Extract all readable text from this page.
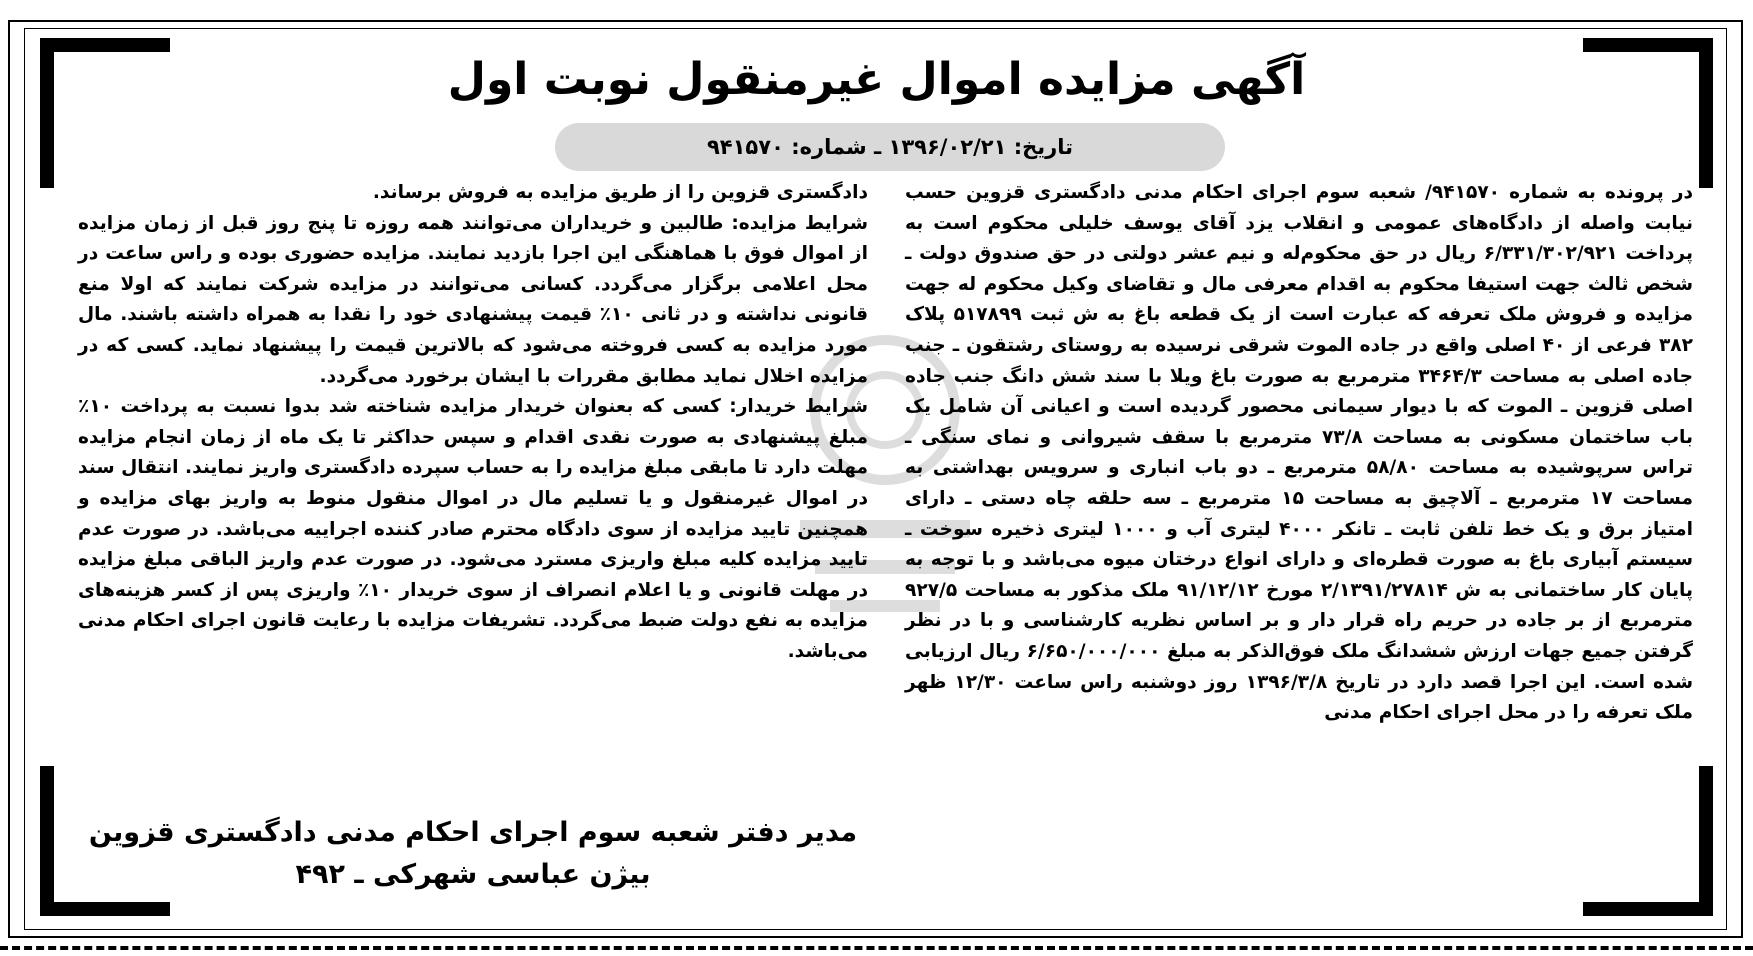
آگهی مزایده اموال غیرمنقول نوبت اول
تاریخ: ۱۳۹۶/۰۲/۲۱ ـ شماره: ۹۴۱۵۷۰

در پرونده به شماره ۹۴۱۵۷۰/ شعبه سوم اجرای احکام مدنی دادگستری قزوین حسب نیابت واصله از دادگاه‌های عمومی و انقلاب یزد آقای یوسف خلیلی محکوم است به پرداخت ۶/۳۳۱/۳۰۲/۹۲۱ ریال در حق محکوم‌له و نیم عشر دولتی در حق صندوق دولت ـ شخص ثالث جهت استیفا محکوم به اقدام معرفی مال و تقاضای وکیل محکوم له جهت مزایده و فروش ملک تعرفه که عبارت است از یک قطعه باغ به ش ثبت ۵۱۷۸۹۹ پلاک ۳۸۲ فرعی از ۴۰ اصلی واقع در جاده الموت شرقی نرسیده به روستای رشتقون ـ جنب جاده اصلی به مساحت ۳۴۶۴/۳ مترمربع به صورت باغ ویلا با سند شش دانگ جنب جاده اصلی قزوین ـ الموت که با دیوار سیمانی محصور گردیده است و اعیانی آن شامل یک باب ساختمان مسکونی به مساحت ۷۳/۸ مترمربع با سقف شیروانی و نمای سنگی ـ تراس سرپوشیده به مساحت ۵۸/۸۰ مترمربع ـ دو باب انباری و سرویس بهداشتی به مساحت ۱۷ مترمربع ـ آلاچیق به مساحت ۱۵ مترمربع ـ سه حلقه چاه دستی ـ دارای امتیاز برق و یک خط تلفن ثابت ـ تانکر ۴۰۰۰ لیتری آب و ۱۰۰۰ لیتری ذخیره سوخت ـ سیستم آبیاری باغ به صورت قطره‌ای و دارای انواع درختان میوه می‌باشد و با توجه به پایان کار ساختمانی به ش ۲/۱۳۹۱/۲۷۸۱۴ مورخ ۹۱/۱۲/۱۲ ملک مذکور به مساحت ۹۲۷/۵ مترمربع از بر جاده در حریم راه قرار دار و بر اساس نظریه کارشناسی و با در نظر گرفتن جمیع جهات ارزش ششدانگ ملک فوق‌الذکر به مبلغ ۶/۶۵۰/۰۰۰/۰۰۰ ریال ارزیابی شده است. این اجرا قصد دارد در تاریخ ۱۳۹۶/۳/۸ روز دوشنبه راس ساعت ۱۲/۳۰ ظهر ملک تعرفه را در محل اجرای احکام مدنی

دادگستری قزوین را از طریق مزایده به فروش برساند.

شرایط مزایده: طالبین و خریداران می‌توانند همه روزه تا پنج روز قبل از زمان مزایده از اموال فوق با هماهنگی این اجرا بازدید نمایند. مزایده حضوری بوده و راس ساعت در محل اعلامی برگزار می‌گردد. کسانی می‌توانند در مزایده شرکت نمایند که اولا منع قانونی نداشته و در ثانی ۱۰٪ قیمت پیشنهادی خود را نقدا به همراه داشته باشند. مال مورد مزایده به کسی فروخته می‌شود که بالاترین قیمت را پیشنهاد نماید. کسی که در مزایده اخلال نماید مطابق مقررات با ایشان برخورد می‌گردد.

شرایط خریدار: کسی که بعنوان خریدار مزایده شناخته شد بدوا نسبت به پرداخت ۱۰٪ مبلغ پیشنهادی به صورت نقدی اقدام و سپس حداکثر تا یک ماه از زمان انجام مزایده مهلت دارد تا مابقی مبلغ مزایده را به حساب سپرده دادگستری واریز نمایند. انتقال سند در اموال غیرمنقول و یا تسلیم مال در اموال منقول منوط به واریز بهای مزایده و همچنین تایید مزایده از سوی دادگاه محترم صادر کننده اجراییه می‌باشد. در صورت عدم تایید مزایده کلیه مبلغ واریزی مسترد می‌شود. در صورت عدم واریز الباقی مبلغ مزایده در مهلت قانونی و یا اعلام انصراف از سوی خریدار ۱۰٪ واریزی پس از کسر هزینه‌های مزایده به نفع دولت ضبط می‌گردد. تشریفات مزایده با رعایت قانون اجرای احکام مدنی می‌باشد.

مدیر دفتر شعبه سوم اجرای احکام مدنی دادگستری قزوین
بیژن عباسی شهرکی ـ ۴۹۲
